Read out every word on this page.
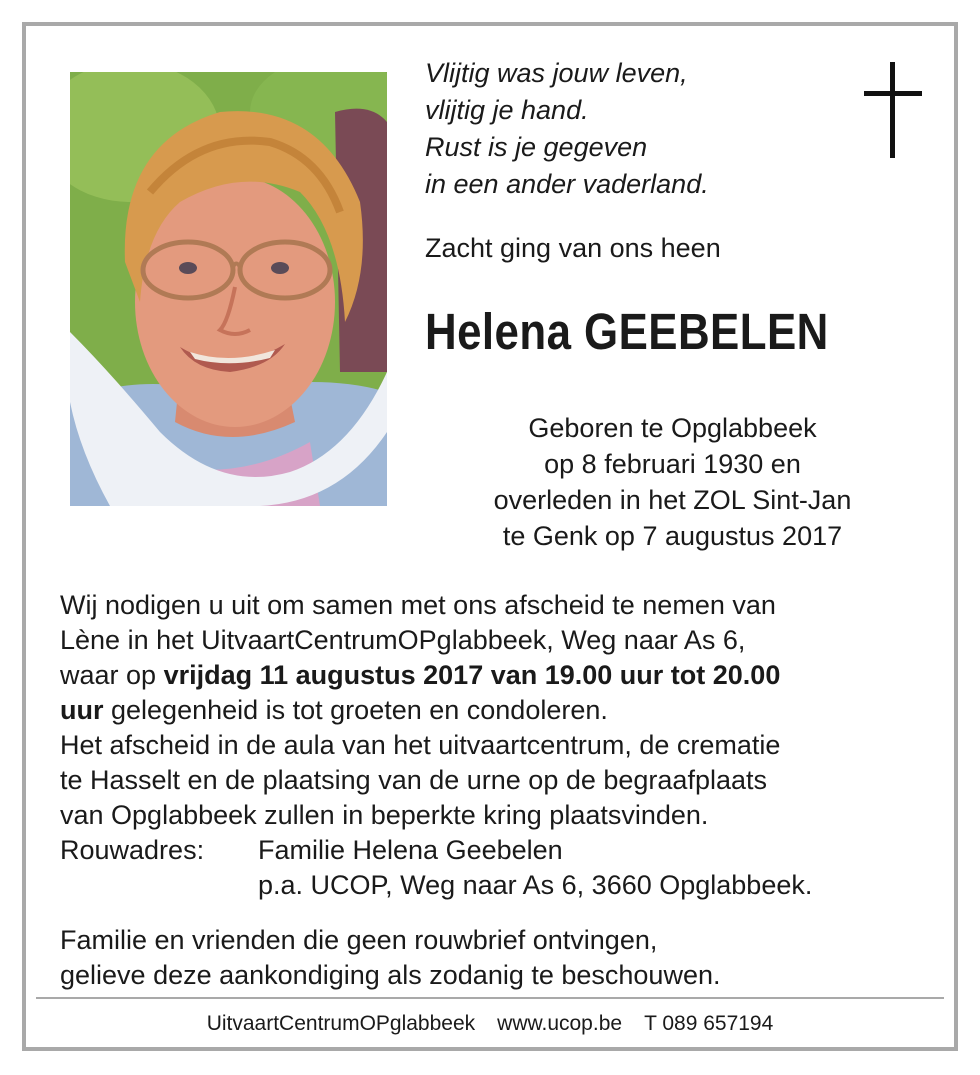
Vlijtig was jouw leven,
vlijtig je hand.
Rust is je gegeven
in een ander vaderland.
Zacht ging van ons heen
Helena GEEBELEN
Geboren te Opglabbeek
op 8 februari 1930 en
overleden in het ZOL Sint-Jan
te Genk op 7 augustus 2017
Wij nodigen u uit om samen met ons afscheid te nemen van
Lène in het UitvaartCentrumOPglabbeek, Weg naar As 6,
waar op vrijdag 11 augustus 2017 van 19.00 uur tot 20.00
uur gelegenheid is tot groeten en condoleren.
Het afscheid in de aula van het uitvaartcentrum, de crematie
te Hasselt en de plaatsing van de urne op de begraafplaats
van Opglabbeek zullen in beperkte kring plaatsvinden.
Rouwadres:	Familie Helena Geebelen
p.a. UCOP, Weg naar As 6, 3660 Opglabbeek.
Familie en vrienden die geen rouwbrief ontvingen,
gelieve deze aankondiging als zodanig te beschouwen.
UitvaartCentrumOPglabbeek www.ucop.be T 089 657194
